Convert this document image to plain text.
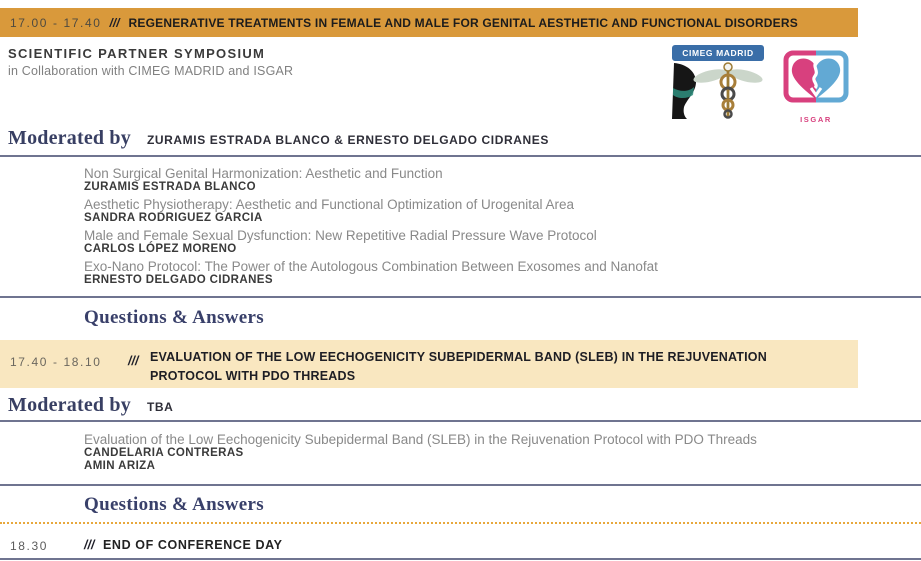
17.00 - 17.40 /// REGENERATIVE TREATMENTS IN FEMALE AND MALE FOR GENITAL AESTHETIC AND FUNCTIONAL DISORDERS
SCIENTIFIC PARTNER SYMPOSIUM
in Collaboration with CIMEG MADRID and ISGAR
CIMEG MADRID
ISGAR
Moderated by ZURAMIS ESTRADA BLANCO & ERNESTO DELGADO CIDRANES
Non Surgical Genital Harmonization: Aesthetic and Function
ZURAMIS ESTRADA BLANCO
Aesthetic Physiotherapy: Aesthetic and Functional Optimization of Urogenital Area
SANDRA RODRIGUEZ GARCIA
Male and Female Sexual Dysfunction: New Repetitive Radial Pressure Wave Protocol
CARLOS LÓPEZ MORENO
Exo-Nano Protocol: The Power of the Autologous Combination Between Exosomes and Nanofat
ERNESTO DELGADO CIDRANES
Questions & Answers
17.40 - 18.10 /// EVALUATION OF THE LOW EECHOGENICITY SUBEPIDERMAL BAND (SLEB) IN THE REJUVENATION
PROTOCOL WITH PDO THREADS
Moderated by TBA
Evaluation of the Low Eechogenicity Subepidermal Band (SLEB) in the Rejuvenation Protocol with PDO Threads
CANDELARIA CONTRERAS
AMIN ARIZA
Questions & Answers
18.30	/// END OF CONFERENCE DAY
